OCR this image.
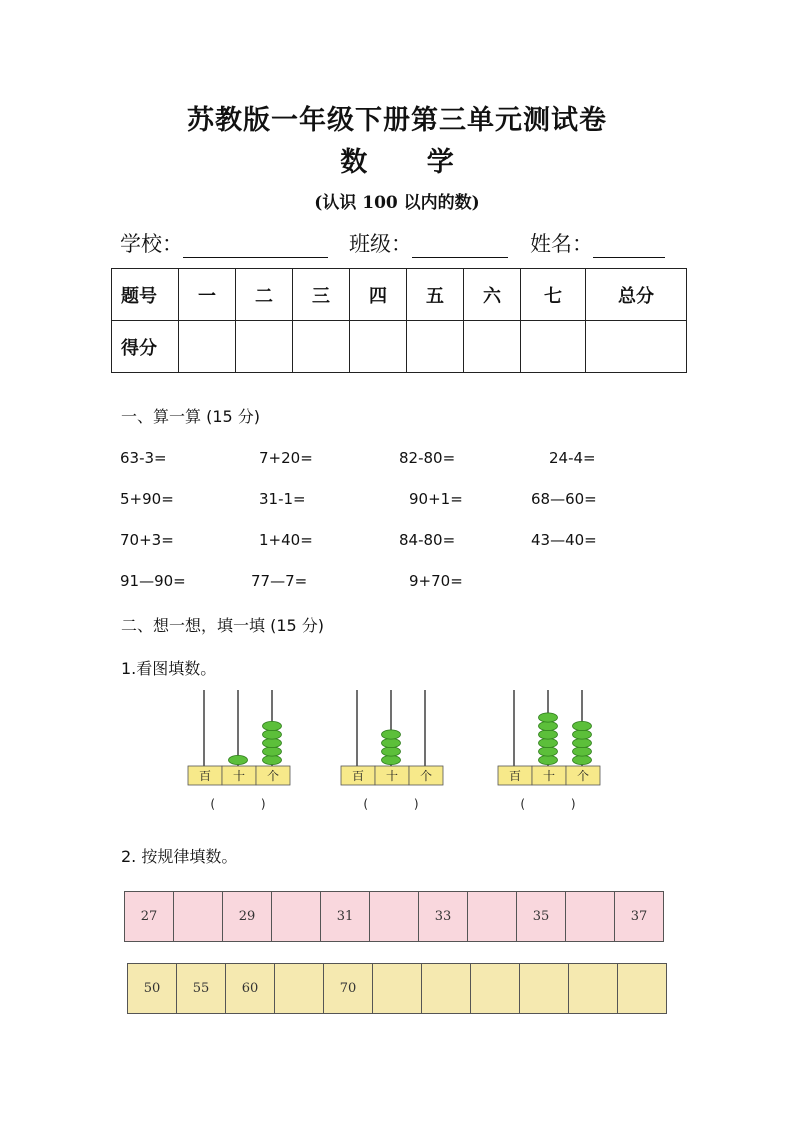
苏教版一年级下册第三单元测试卷
数 学
(认识 100 以内的数)
学校：	班级：	姓名：
题号	一	二	三	四	五	六	七	总分
得分								
一、算一算 (15 分)
63-3=	7+20=	82-80=	24-4=
5+90=	31-1=	90+1=	68—60=
70+3=	1+40=	84-80=	43—40=
91—90=	77—7=	9+70=
二、想一想，填一填 (15 分)
1.看图填数。
百 十 个
(            )
百 十 个
(            )
百 十 个
(            )
2. 按规律填数。
27		29		31		33		35		37
50	55	60		70						
